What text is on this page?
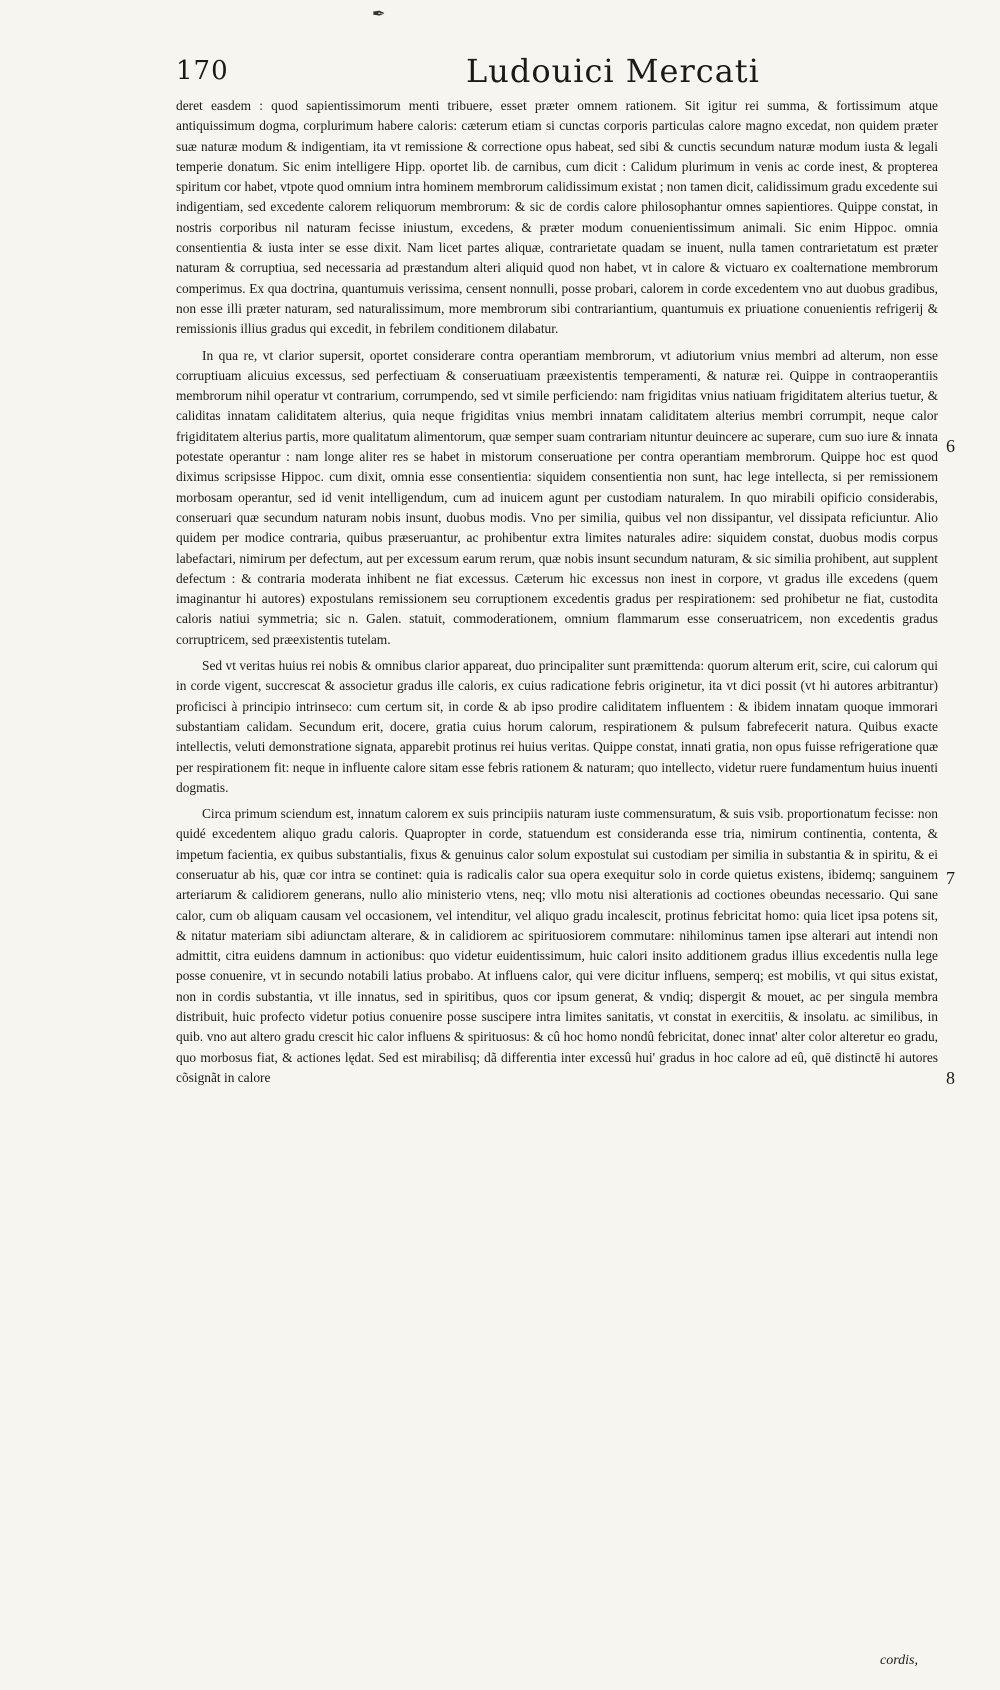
✒
170	Ludouici Mercati

deret easdem : quod sapientissimorum menti tribuere, esset præter omnem rationem. Sit igitur rei summa, & fortissimum atque antiquissimum dogma, corplurimum habere caloris: cæterum etiam si cunctas corporis particulas calore magno excedat, non quidem præter suæ naturæ modum & indigentiam, ita vt remissione & correctione opus habeat, sed sibi & cunctis secundum naturæ modum iusta & legali temperie donatum. Sic enim intelligere Hipp. oportet lib. de carnibus, cum dicit : Calidum plurimum in venis ac corde inest, & propterea spiritum cor habet, vtpote quod omnium intra hominem membrorum calidissimum existat ; non tamen dicit, calidissimum gradu excedente sui indigentiam, sed excedente calorem reliquorum membrorum: & sic de cordis calore philosophantur omnes sapientiores. Quippe constat, in nostris corporibus nil naturam fecisse iniustum, excedens, & præter modum conuenientissimum animali. Sic enim Hippoc. omnia consentientia & iusta inter se esse dixit. Nam licet partes aliquæ, contrarietate quadam se inuent, nulla tamen contrarietatum est præter naturam & corruptiua, sed necessaria ad præstandum alteri aliquid quod non habet, vt in calore & victuaro ex coalternatione membrorum comperimus. Ex qua doctrina, quantumuis verissima, censent nonnulli, posse probari, calorem in corde excedentem vno aut duobus gradibus, non esse illi præter naturam, sed naturalissimum, more membrorum sibi contrariantium, quantumuis ex priuatione conuenientis refrigerij & remissionis illius gradus qui excedit, in febrilem conditionem dilabatur.

In qua re, vt clarior supersit, oportet considerare contra operantiam membrorum, vt adiutorium vnius membri ad alterum, non esse corruptiuam alicuius excessus, sed perfectiuam & conseruatiuam præexistentis temperamenti, & naturæ rei. Quippe in contraoperantiis membrorum nihil operatur vt contrarium, corrumpendo, sed vt simile perficiendo: nam frigiditas vnius natiuam frigiditatem alterius tuetur, & caliditas innatam caliditatem alterius, quia neque frigiditas vnius membri innatam caliditatem alterius membri corrumpit, neque calor frigiditatem alterius partis, more qualitatum alimentorum, quæ semper suam contrariam nituntur deuincere ac superare, cum suo iure & innata potestate operantur : nam longe aliter res se habet in mistorum conseruatione per contra operantiam membrorum. Quippe hoc est quod diximus scripsisse Hippoc. cum dixit, omnia esse consentientia: siquidem consentientia non sunt, hac lege intellecta, si per remissionem morbosam operantur, sed id venit intelligendum, cum ad inuicem agunt per custodiam naturalem. In quo mirabili opificio considerabis, conseruari quæ secundum naturam nobis insunt, duobus modis. Vno per similia, quibus vel non dissipantur, vel dissipata reficiuntur. Alio quidem per modice contraria, quibus præseruantur, ac prohibentur extra limites naturales adire: siquidem constat, duobus modis corpus labefactari, nimirum per defectum, aut per excessum earum rerum, quæ nobis insunt secundum naturam, & sic similia prohibent, aut supplent defectum : & contraria moderata inhibent ne fiat excessus. Cæterum hic excessus non inest in corpore, vt gradus ille excedens (quem imaginantur hi autores) expostulans remissionem seu corruptionem excedentis gradus per respirationem: sed prohibetur ne fiat, custodita caloris natiui symmetria; sic n. Galen. statuit, commoderationem, omnium flammarum esse conseruatricem, non excedentis gradus corruptricem, sed præexistentis tutelam.

Sed vt veritas huius rei nobis & omnibus clarior appareat, duo principaliter sunt præmittenda: quorum alterum erit, scire, cui calorum qui in corde vigent, succrescat & associetur gradus ille caloris, ex cuius radicatione febris originetur, ita vt dici possit (vt hi autores arbitrantur) proficisci à principio intrinseco: cum certum sit, in corde & ab ipso prodire caliditatem influentem : & ibidem innatam quoque immorari substantiam calidam. Secundum erit, docere, gratia cuius horum calorum, respirationem & pulsum fabrefecerit natura. Quibus exacte intellectis, veluti demonstratione signata, apparebit protinus rei huius veritas. Quippe constat, innati gratia, non opus fuisse refrigeratione quæ per respirationem fit: neque in influente calore sitam esse febris rationem & naturam; quo intellecto, videtur ruere fundamentum huius inuenti dogmatis.

Circa primum sciendum est, innatum calorem ex suis principiis naturam iuste commensuratum, & suis vsib. proportionatum fecisse: non quidé excedentem aliquo gradu caloris. Quapropter in corde, statuendum est consideranda esse tria, nimirum continentia, contenta, & impetum facientia, ex quibus substantialis, fixus & genuinus calor solum expostulat sui custodiam per similia in substantia & in spiritu, & ei conseruatur ab his, quæ cor intra se continet: quia is radicalis calor sua opera exequitur solo in corde quietus existens, ibidemq; sanguinem arteriarum & calidiorem generans, nullo alio ministerio vtens, neq; vllo motu nisi alterationis ad coctiones obeundas necessario. Qui sane calor, cum ob aliquam causam vel occasionem, vel intenditur, vel aliquo gradu incalescit, protinus febricitat homo: quia licet ipsa potens sit, & nitatur materiam sibi adiunctam alterare, & in calidiorem ac spirituosiorem commutare: nihilominus tamen ipse alterari aut intendi non admittit, citra euidens damnum in actionibus: quo videtur euidentissimum, huic calori insito additionem gradus illius excedentis nulla lege posse conuenire, vt in secundo notabili latius probabo. At influens calor, qui vere dicitur influens, semperq; est mobilis, vt qui situs existat, non in cordis substantia, vt ille innatus, sed in spiritibus, quos cor ipsum generat, & vndiq; dispergit & mouet, ac per singula membra distribuit, huic profecto videtur potius conuenire posse suscipere intra limites sanitatis, vt constat in exercitiis, & insolatu. ac similibus, in quib. vno aut altero gradu crescit hic calor influens & spirituosus: & cû hoc homo nondû febricitat, donec innat' alter color alteretur eo gradu, quo morbosus fiat, & actiones lędat. Sed est mirabilisq; dã differentia inter excessû hui' gradus in hoc calore ad eû, quē distinctē hi autores cõsignãt in calore

6
7
8
cordis,
